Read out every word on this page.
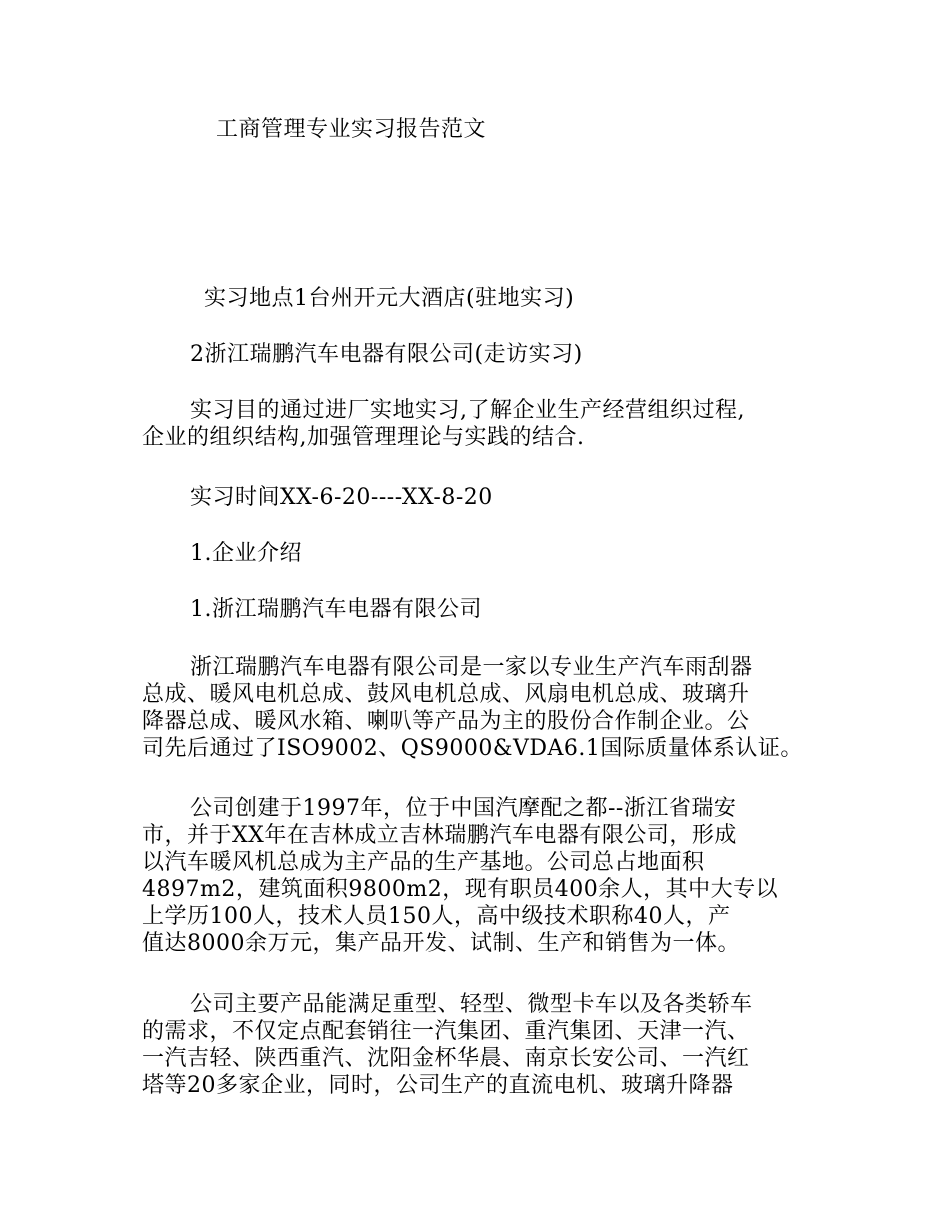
工商管理专业实习报告范文
实习地点1台州开元大酒店(驻地实习)
2浙江瑞鹏汽车电器有限公司(走访实习)
实习目的通过进厂实地实习,了解企业生产经营组织过程,
企业的组织结构,加强管理理论与实践的结合.
实习时间XX-6-20----XX-8-20
1.企业介绍
1.浙江瑞鹏汽车电器有限公司
浙江瑞鹏汽车电器有限公司是一家以专业生产汽车雨刮器
总成、暖风电机总成、鼓风电机总成、风扇电机总成、玻璃升
降器总成、暖风水箱、喇叭等产品为主的股份合作制企业。公
司先后通过了ISO9002、QS9000&VDA6.1国际质量体系认证。
公司创建于1997年，位于中国汽摩配之都--浙江省瑞安
市，并于XX年在吉林成立吉林瑞鹏汽车电器有限公司，形成
以汽车暖风机总成为主产品的生产基地。公司总占地面积
4897m2，建筑面积9800m2，现有职员400余人，其中大专以
上学历100人，技术人员150人，高中级技术职称40人，产
值达8000余万元，集产品开发、试制、生产和销售为一体。
公司主要产品能满足重型、轻型、微型卡车以及各类轿车
的需求，不仅定点配套销往一汽集团、重汽集团、天津一汽、
一汽吉轻、陕西重汽、沈阳金杯华晨、南京长安公司、一汽红
塔等20多家企业，同时，公司生产的直流电机、玻璃升降器
